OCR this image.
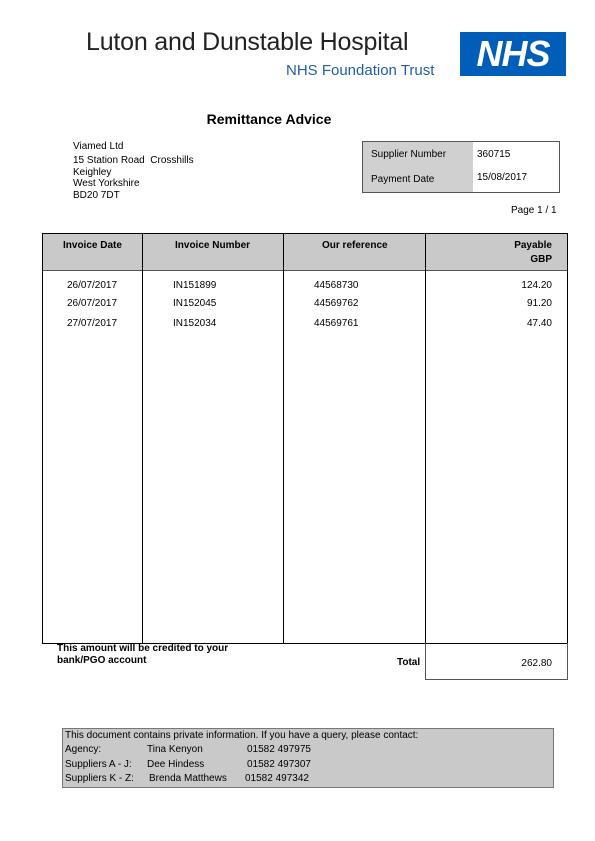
Luton and Dunstable Hospital
NHS Foundation Trust	NHS
Remittance Advice
Viamed Ltd
15 Station Road  Crosshills
Keighley
West Yorkshire
BD20 7DT
Supplier Number	360715
Payment Date	15/08/2017
Page 1 / 1
Invoice Date	Invoice Number	Our reference	Payable
GBP
26/07/2017	IN151899	44568730	124.20
26/07/2017	IN152045	44569762	91.20
27/07/2017	IN152034	44569761	47.40
This amount will be credited to your bank/PGO account	Total	262.80
This document contains private information. If you have a query, please contact:
Agency:	Tina Kenyon	01582 497975
Suppliers A - J: Dee Hindess	01582 497307
Suppliers K - Z: Brenda Matthews 01582 497342
